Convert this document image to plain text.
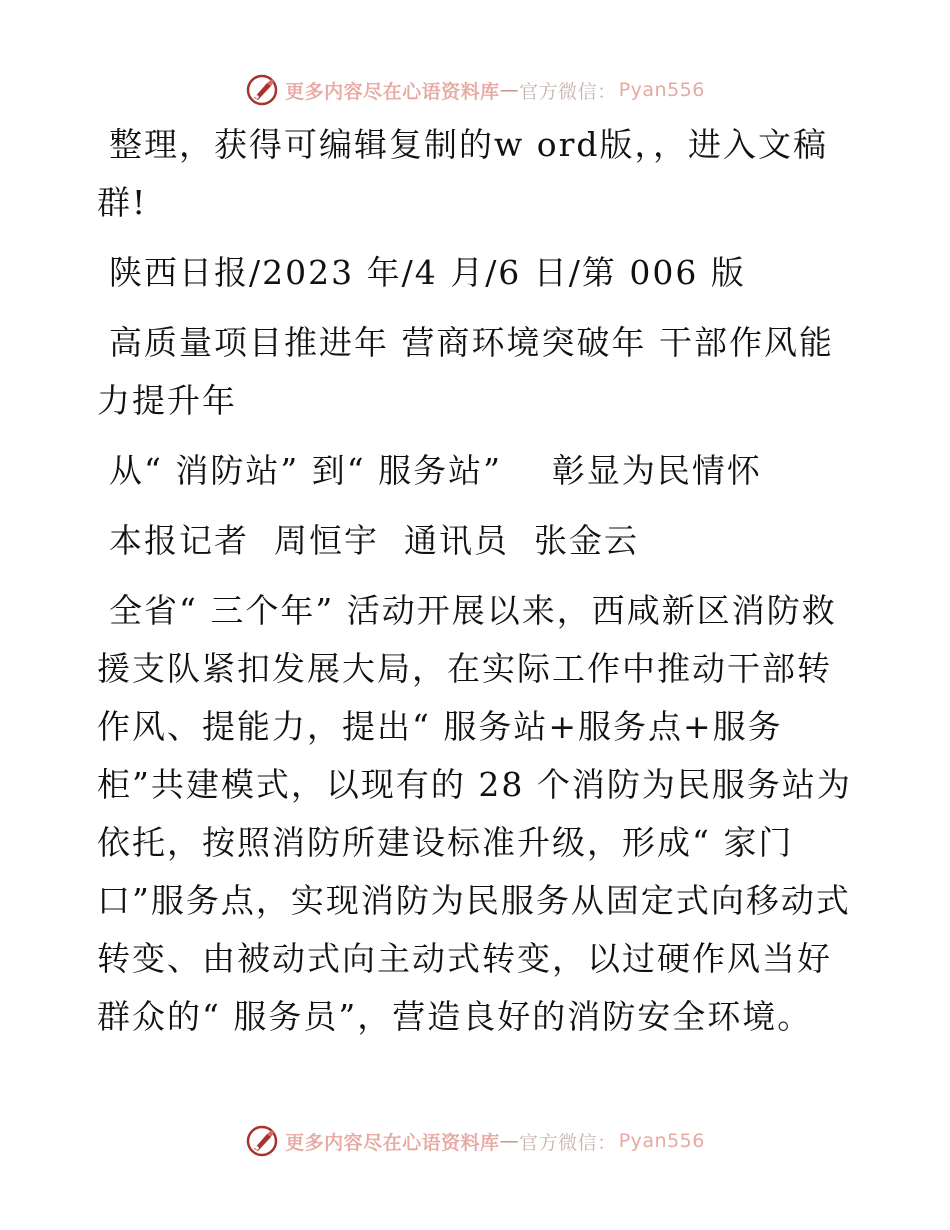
更多内容尽在心语资料库 — 官方微信： Pyan556

整理，获得可编辑复制的w ord版，，进入文稿群!

陕西日报/2023 年/4 月/6 日/第 006 版

高质量项目推进年 营商环境突破年 干部作风能力提升年

从“ 消防站” 到“ 服务站”    彰显为民情怀

本报记者  周恒宇  通讯员  张金云

全省“ 三个年” 活动开展以来，西咸新区消防救援支队紧扣发展大局，在实际工作中推动干部转作风、提能力，提出“ 服务站+服务点+服务柜”共建模式，以现有的 28 个消防为民服务站为依托，按照消防所建设标准升级，形成“ 家门口”服务点，实现消防为民服务从固定式向移动式转变、由被动式向主动式转变，以过硬作风当好群众的“ 服务员”，营造良好的消防安全环境。

更多内容尽在心语资料库 — 官方微信： Pyan556
